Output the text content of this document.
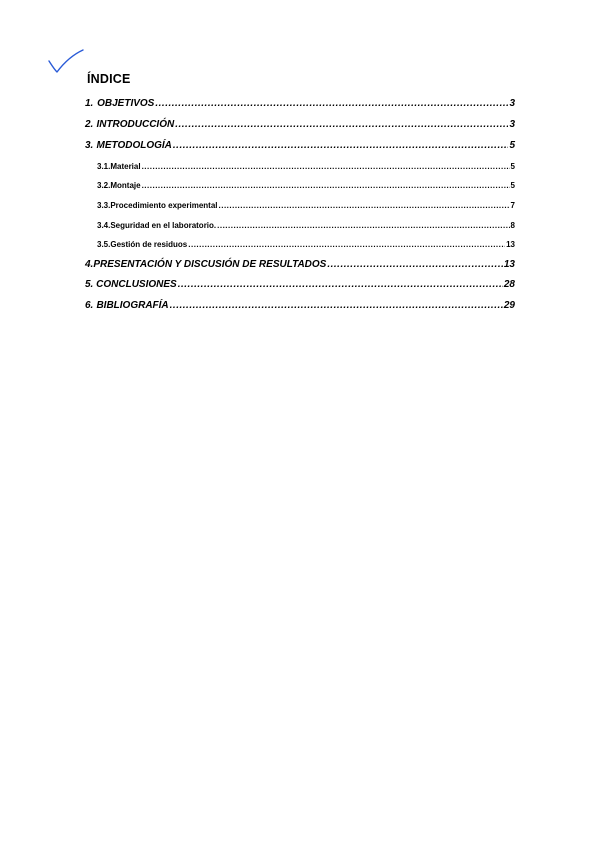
ÍNDICE
1. OBJETIVOS .....	3
2. INTRODUCCIÓN .....	3
3. METODOLOGÍA .....	5
3.1. Material .....	5
3.2. Montaje .....	5
3.3. Procedimiento experimental .....	7
3.4. Seguridad en el laboratorio. .....	8
3.5. Gestión de residuos .....	13
4. PRESENTACIÓN Y DISCUSIÓN DE RESULTADOS .....	13
5. CONCLUSIONES .....	28
6. BIBLIOGRAFÍA .....	29
